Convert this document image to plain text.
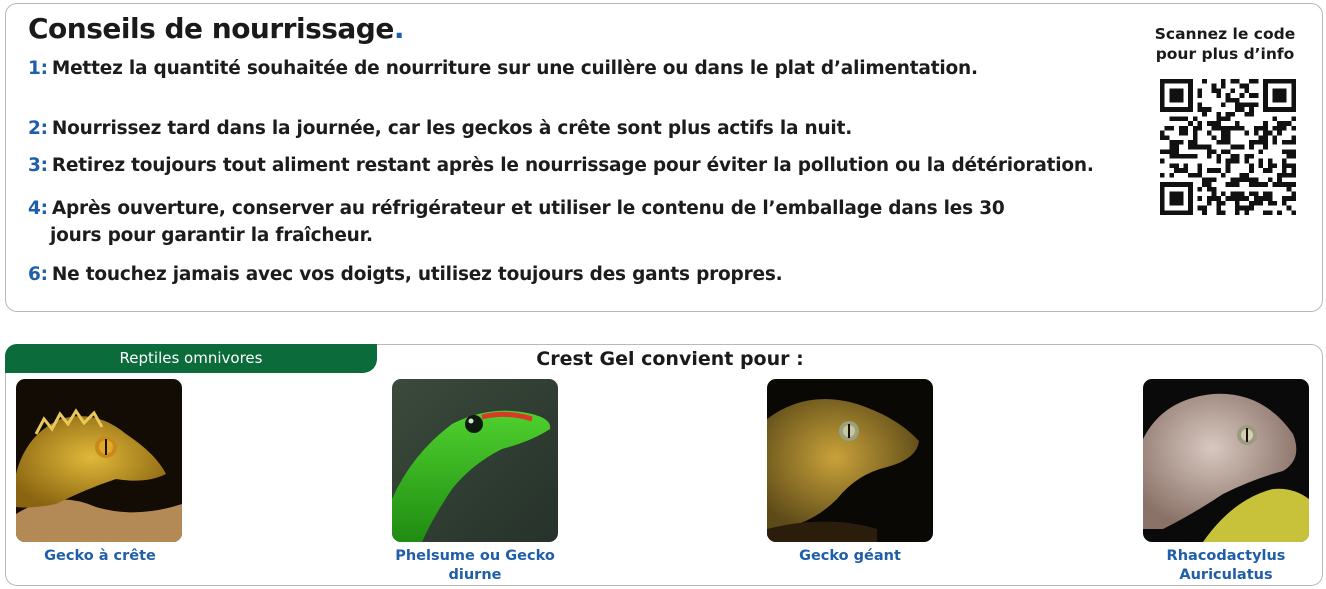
Conseils de nourrissage.
1: Mettez la quantité souhaitée de nourriture sur une cuillère ou dans le plat d’alimentation.
2: Nourrissez tard dans la journée, car les geckos à crête sont plus actifs la nuit.
3: Retirez toujours tout aliment restant après le nourrissage pour éviter la pollution ou la détérioration.
4: Après ouverture, conserver au réfrigérateur et utiliser le contenu de l’emballage dans les 30
jours pour garantir la fraîcheur.
6: Ne touchez jamais avec vos doigts, utilisez toujours des gants propres.
Scannez le code
pour plus d’info
Reptiles omnivores	Crest Gel convient pour :
Gecko à crête	Phelsume ou Gecko
diurne
Gecko géant	Rhacodactylus
Auriculatus
